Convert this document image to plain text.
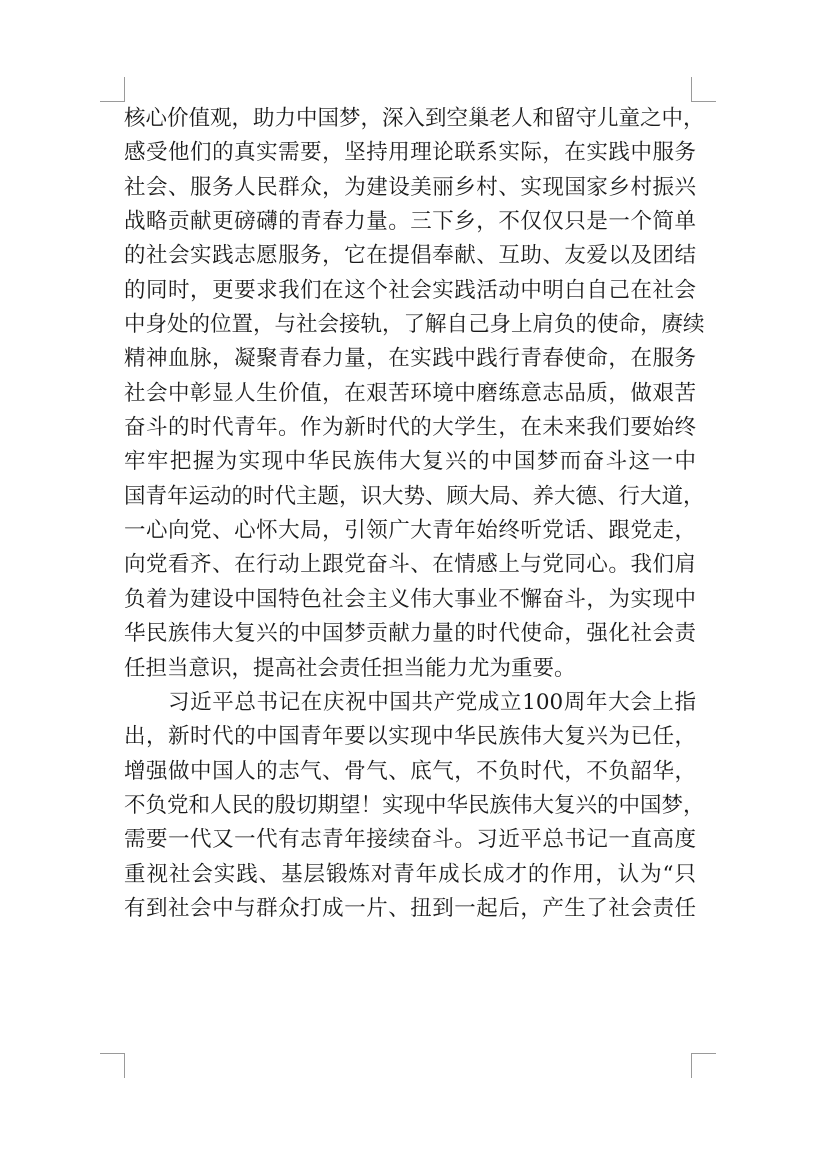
核心价值观，助力中国梦，深入到空巢老人和留守儿童之中，
感受他们的真实需要，坚持用理论联系实际，在实践中服务
社会、服务人民群众，为建设美丽乡村、实现国家乡村振兴
战略贡献更磅礴的青春力量。三下乡，不仅仅只是一个简单
的社会实践志愿服务，它在提倡奉献、互助、友爱以及团结
的同时，更要求我们在这个社会实践活动中明白自己在社会
中身处的位置，与社会接轨，了解自己身上肩负的使命，赓续
精神血脉，凝聚青春力量，在实践中践行青春使命，在服务
社会中彰显人生价值，在艰苦环境中磨练意志品质，做艰苦
奋斗的时代青年。作为新时代的大学生，在未来我们要始终
牢牢把握为实现中华民族伟大复兴的中国梦而奋斗这一中
国青年运动的时代主题，识大势、顾大局、养大德、行大道，
一心向党、心怀大局，引领广大青年始终听党话、跟党走，
向党看齐、在行动上跟党奋斗、在情感上与党同心。我们肩
负着为建设中国特色社会主义伟大事业不懈奋斗，为实现中
华民族伟大复兴的中国梦贡献力量的时代使命，强化社会责
任担当意识，提高社会责任担当能力尤为重要。
习近平总书记在庆祝中国共产党成立100周年大会上指
出，新时代的中国青年要以实现中华民族伟大复兴为已任，
增强做中国人的志气、骨气、底气，不负时代，不负韶华，
不负党和人民的殷切期望！实现中华民族伟大复兴的中国梦，
需要一代又一代有志青年接续奋斗。习近平总书记一直高度
重视社会实践、基层锻炼对青年成长成才的作用，认为“只
有到社会中与群众打成一片、扭到一起后，产生了社会责任
